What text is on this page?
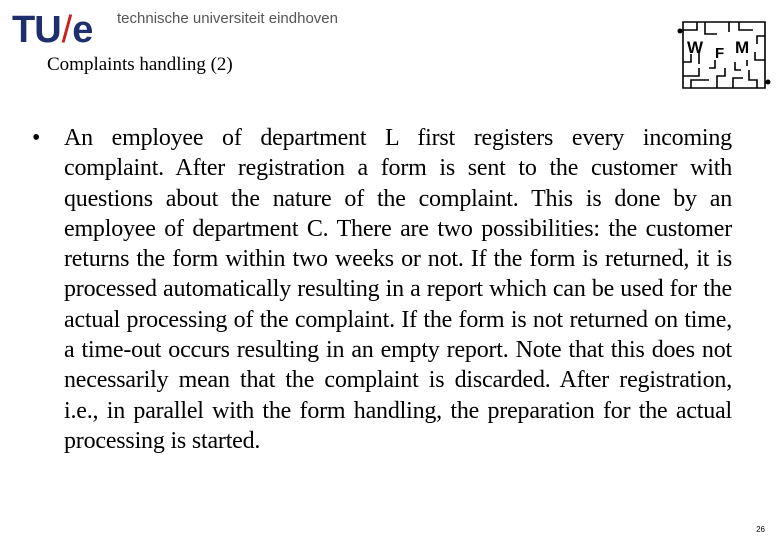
TU/e technische universiteit eindhoven
Complaints handling (2)
W F M
• An employee of department L first registers every incoming complaint. After registration a form is sent to the customer with questions about the nature of the complaint. This is done by an employee of department C. There are two possibilities: the customer returns the form within two weeks or not. If the form is returned, it is processed automatically resulting in a report which can be used for the actual processing of the complaint. If the form is not returned on time, a time-out occurs resulting in an empty report. Note that this does not necessarily mean that the complaint is discarded. After registration, i.e., in parallel with the form handling, the preparation for the actual processing is started.
26
